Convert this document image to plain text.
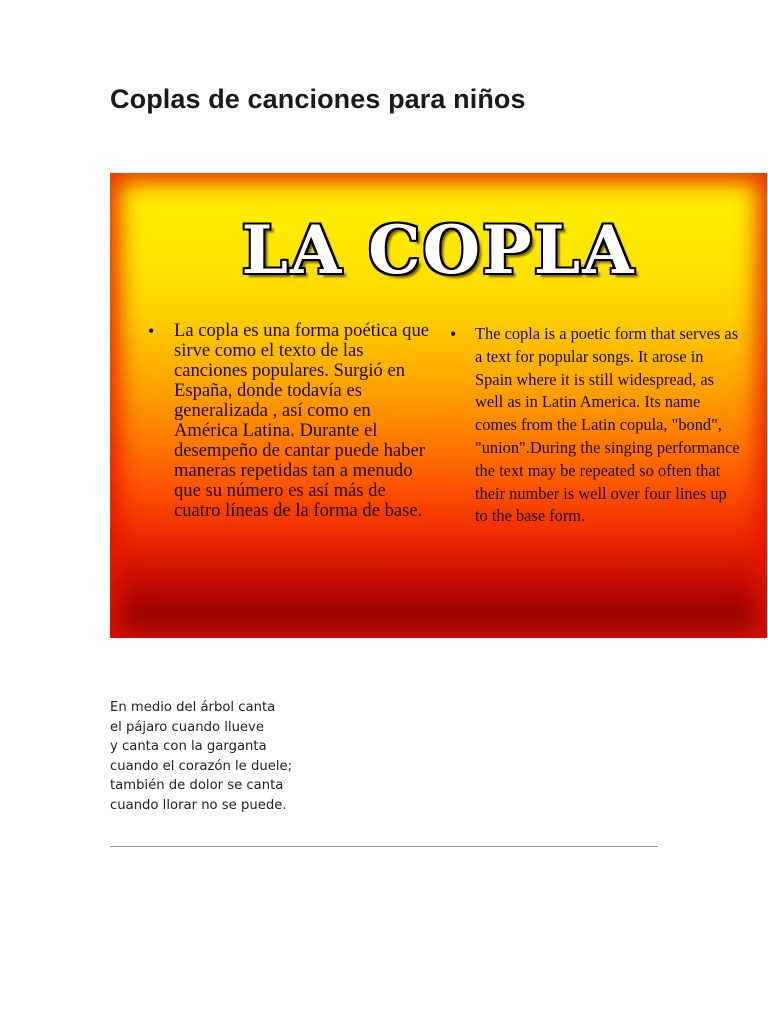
Coplas de canciones para niños
LA COPLA
•	La copla es una forma poética que sirve como el texto de las canciones populares. Surgió en España, donde todavía es generalizada , así como en América Latina. Durante el desempeño de cantar puede haber maneras repetidas tan a menudo que su número es así más de cuatro líneas de la forma de base.
•	The copla is a poetic form that serves as a text for popular songs. It arose in Spain where it is still widespread, as well as in Latin America. Its name comes from the Latin copula, "bond", "union".During the singing performance the text may be repeated so often that their number is well over four lines up to the base form.
En medio del árbol canta
el pájaro cuando llueve
y canta con la garganta
cuando el corazón le duele;
también de dolor se canta
cuando llorar no se puede.
